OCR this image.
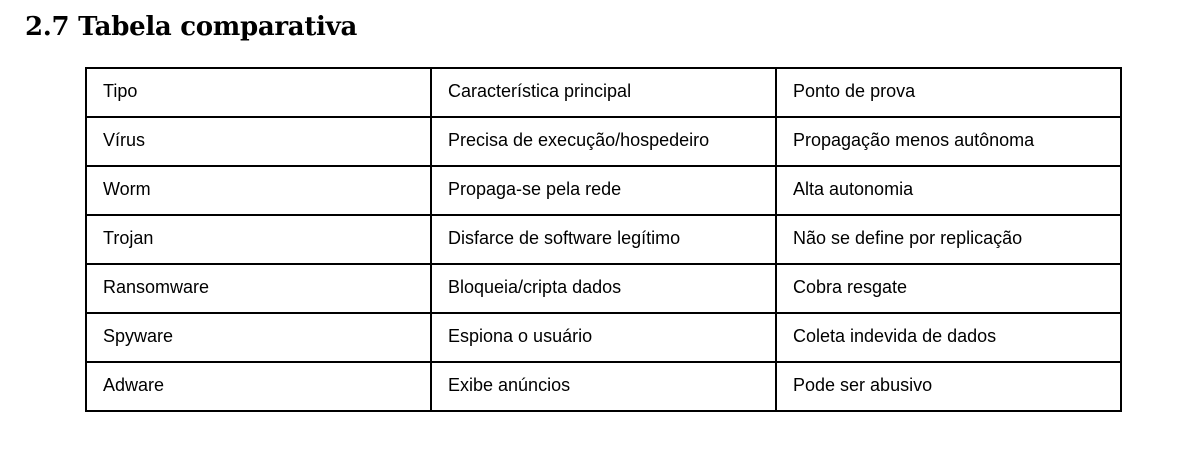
2.7 Tabela comparativa
Tipo	Característica principal	Ponto de prova

Vírus	Precisa de execução/hospedeiro	Propagação menos autônoma

Worm	Propaga-se pela rede	Alta autonomia

Trojan	Disfarce de software legítimo	Não se define por replicação

Ransomware	Bloqueia/cripta dados	Cobra resgate

Spyware	Espiona o usuário	Coleta indevida de dados

Adware	Exibe anúncios	Pode ser abusivo
